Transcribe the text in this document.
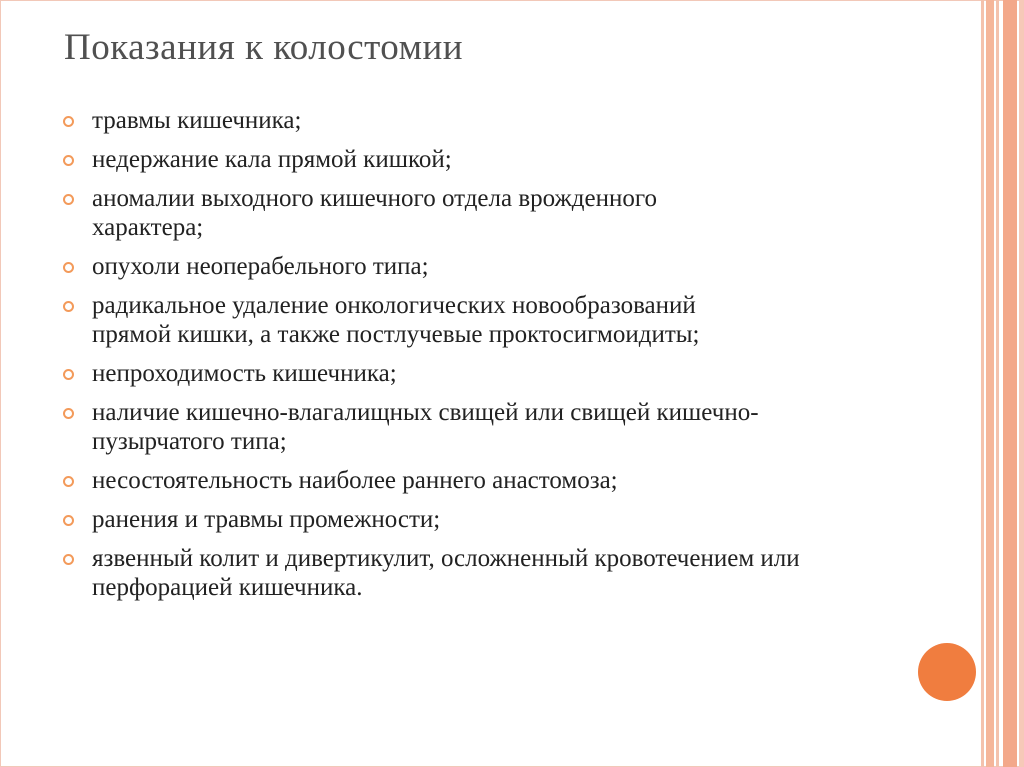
Показания к колостомии
травмы кишечника;
недержание кала прямой кишкой;
аномалии выходного кишечного отдела врожденного характера;
опухоли неоперабельного типа;
радикальное удаление онкологических новообразований прямой кишки, а также постлучевые проктосигмоидиты;
непроходимость кишечника;
наличие кишечно-влагалищных свищей или свищей кишечно-пузырчатого типа;
несостоятельность наиболее раннего анастомоза;
ранения и травмы промежности;
язвенный колит и дивертикулит, осложненный кровотечением или перфорацией кишечника.
